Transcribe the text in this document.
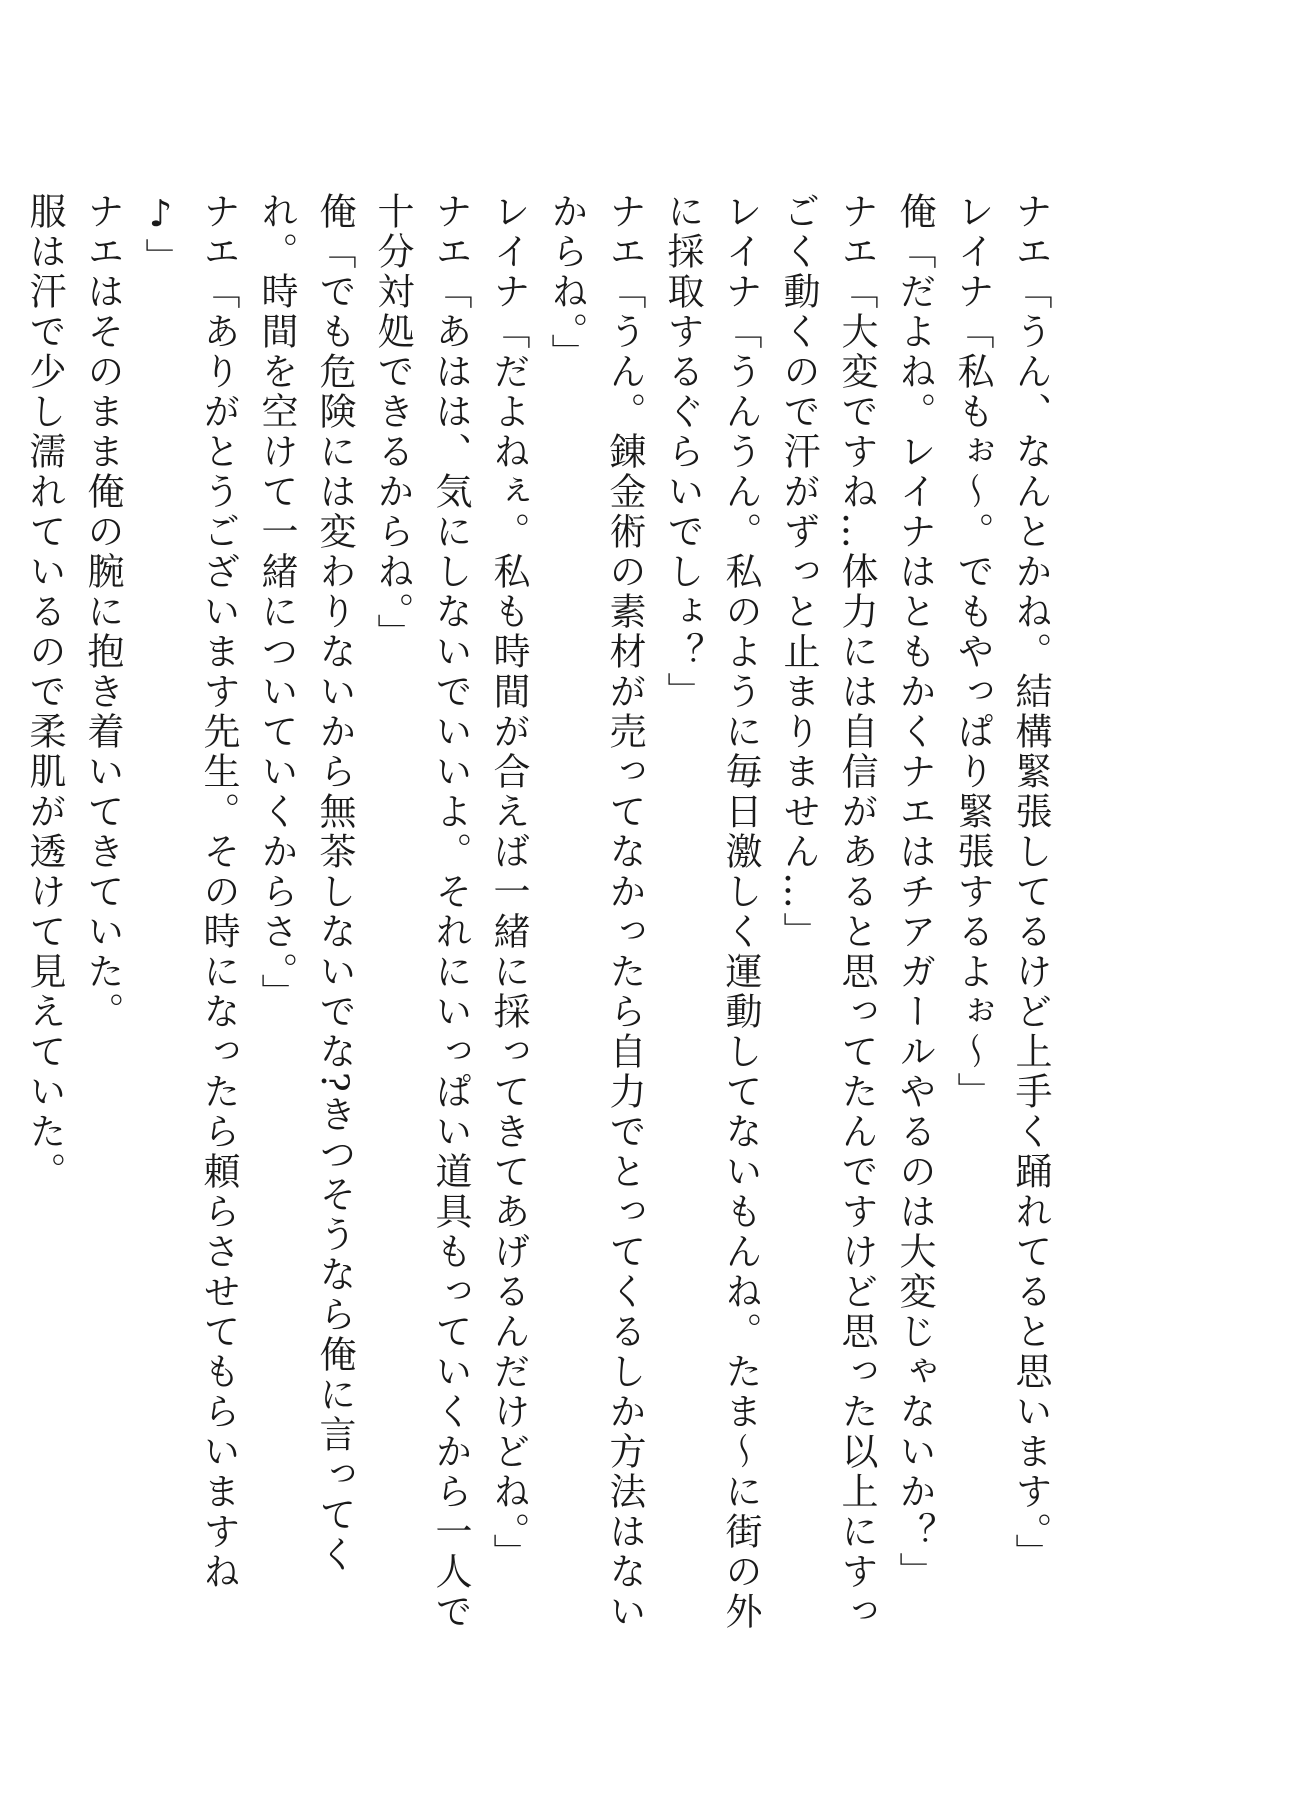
ナエ「うん、なんとかね。結構緊張してるけど上手く踊れてると思います。」

レイナ「私もぉ～。でもやっぱり緊張するよぉ～」

俺「だよね。レイナはともかくナエはチアガールやるのは大変じゃないか？」

ナエ「大変ですね…体力には自信があると思ってたんですけど思った以上にすっごく動くので汗がずっと止まりません…」

レイナ「うんうん。私のように毎日激しく運動してないもんね。たま～に街の外に採取するぐらいでしょ？」

ナエ「うん。錬金術の素材が売ってなかったら自力でとってくるしか方法はないからね。」

レイナ「だよねぇ。私も時間が合えば一緒に採ってきてあげるんだけどね。」

ナエ「あはは、気にしないでいいよ。それにいっぱい道具もっていくから一人で十分対処できるからね。」

俺「でも危険には変わりないから無茶しないでな?きつそうなら俺に言ってくれ。時間を空けて一緒についていくからさ。」

ナエ「ありがとうございます先生。その時になったら頼らさせてもらいますね♪」

ナエはそのまま俺の腕に抱き着いてきていた。

服は汗で少し濡れているので柔肌が透けて見えていた。
